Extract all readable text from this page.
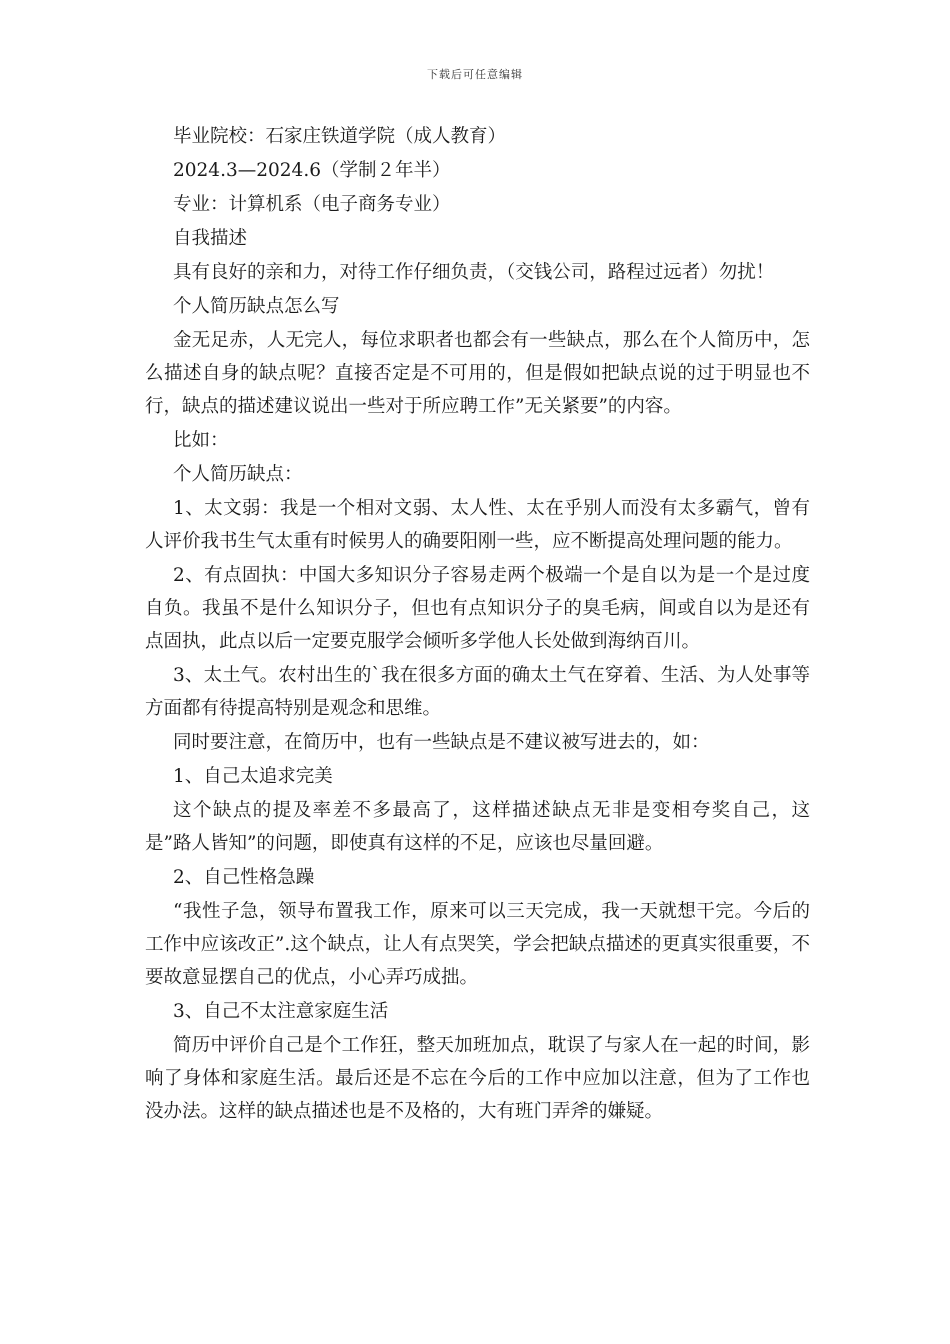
下载后可任意编辑

毕业院校：石家庄铁道学院（成人教育）

2024.3—2024.6（学制２年半）

专业：计算机系（电子商务专业）

自我描述

具有良好的亲和力，对待工作仔细负责，（交钱公司，路程过远者）勿扰！

个人简历缺点怎么写

金无足赤，人无完人，每位求职者也都会有一些缺点，那么在个人简历中，怎么描述自身的缺点呢？直接否定是不可用的，但是假如把缺点说的过于明显也不行，缺点的描述建议说出一些对于所应聘工作”无关紧要”的内容。

比如：

个人简历缺点：

1、太文弱：我是一个相对文弱、太人性、太在乎别人而没有太多霸气，曾有人评价我书生气太重有时候男人的确要阳刚一些，应不断提高处理问题的能力。

2、有点固执：中国大多知识分子容易走两个极端一个是自以为是一个是过度自负。我虽不是什么知识分子，但也有点知识分子的臭毛病，间或自以为是还有点固执，此点以后一定要克服学会倾听多学他人长处做到海纳百川。

3、太土气。农村出生的`我在很多方面的确太土气在穿着、生活、为人处事等方面都有待提高特别是观念和思维。

同时要注意，在简历中，也有一些缺点是不建议被写进去的，如：

1、自己太追求完美

这个缺点的提及率差不多最高了，这样描述缺点无非是变相夸奖自己，这是”路人皆知”的问题，即使真有这样的不足，应该也尽量回避。

2、自己性格急躁

“我性子急，领导布置我工作，原来可以三天完成，我一天就想干完。今后的工作中应该改正”.这个缺点，让人有点哭笑，学会把缺点描述的更真实很重要，不要故意显摆自己的优点，小心弄巧成拙。

3、自己不太注意家庭生活

简历中评价自己是个工作狂，整天加班加点，耽误了与家人在一起的时间，影响了身体和家庭生活。最后还是不忘在今后的工作中应加以注意，但为了工作也没办法。这样的缺点描述也是不及格的，大有班门弄斧的嫌疑。
